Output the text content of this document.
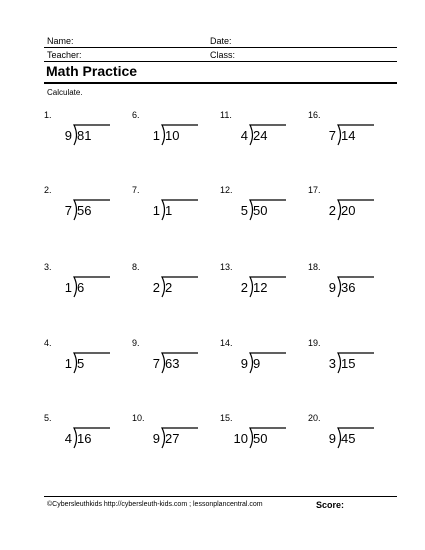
Name:	Date:
Teacher:	Class:
Math Practice
Calculate.
1.
9 81
2.
7 56
3.
1 6
4.
1 5
5.
4 16
6.
1 10
7.
1 1
8.
2 2
9.
7 63
10.
9 27
11.
4 24
12.
5 50
13.
2 12
14.
9 9
15.
10 50
16.
7 14
17.
2 20
18.
9 36
19.
3 15
20.
9 45
©Cybersleuthkids http://cybersleuth-kids.com ; lessonplancentral.com	Score:
